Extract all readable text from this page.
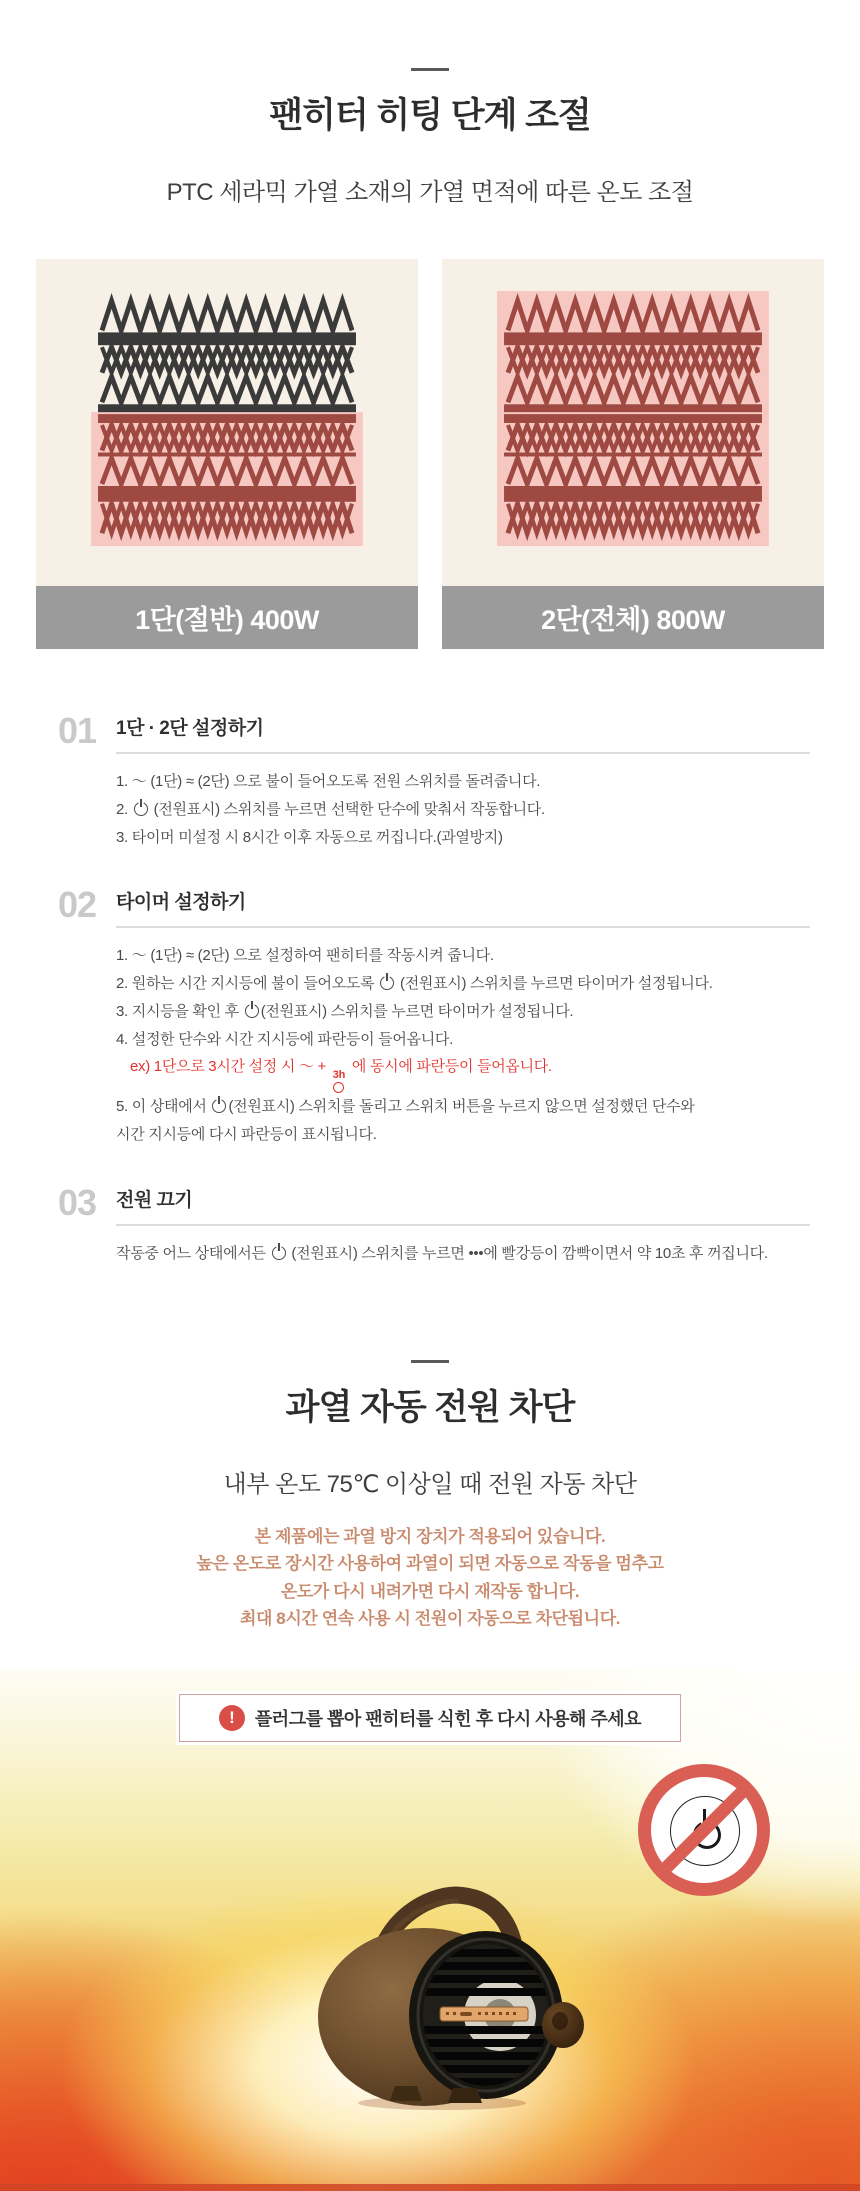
팬히터 히팅 단계 조절
PTC 세라믹 가열 소재의 가열 면적에 따른 온도 조절
1단(절반) 400W	2단(전체) 800W
01	1단 · 2단 설정하기
1. ～ (1단) ≈ (2단) 으로 불이 들어오도록 전원 스위치를 돌려줍니다.
2.  (전원표시) 스위치를 누르면 선택한 단수에 맞춰서 작동합니다.
3. 타이머 미설정 시 8시간 이후 자동으로 꺼집니다.(과열방지)
02	타이머 설정하기
1. ～ (1단) ≈ (2단) 으로 설정하여 팬히터를 작동시켜 줍니다.
2. 원하는 시간 지시등에 불이 들어오도록  (전원표시) 스위치를 누르면 타이머가 설정됩니다.
3. 지시등을 확인 후 (전원표시) 스위치를 누르면 타이머가 설정됩니다.
4. 설정한 단수와 시간 지시등에 파란등이 들어옵니다.
ex) 1단으로 3시간 설정 시 ～ + 3h 에 동시에 파란등이 들어옵니다.
5. 이 상태에서 (전원표시) 스위치를 돌리고 스위치 버튼을 누르지 않으면 설정했던 단수와
시간 지시등에 다시 파란등이 표시됩니다.
03	전원 끄기
작동중 어느 상태에서든  (전원표시) 스위치를 누르면 •••에 빨강등이 깜빡이면서 약 10초 후 꺼집니다.
과열 자동 전원 차단
내부 온도 75℃ 이상일 때 전원 자동 차단
본 제품에는 과열 방지 장치가 적용되어 있습니다.
높은 온도로 장시간 사용하여 과열이 되면 자동으로 작동을 멈추고
온도가 다시 내려가면 다시 재작동 합니다.
최대 8시간 연속 사용 시 전원이 자동으로 차단됩니다.
!	플러그를 뽑아 팬히터를 식힌 후 다시 사용해 주세요
